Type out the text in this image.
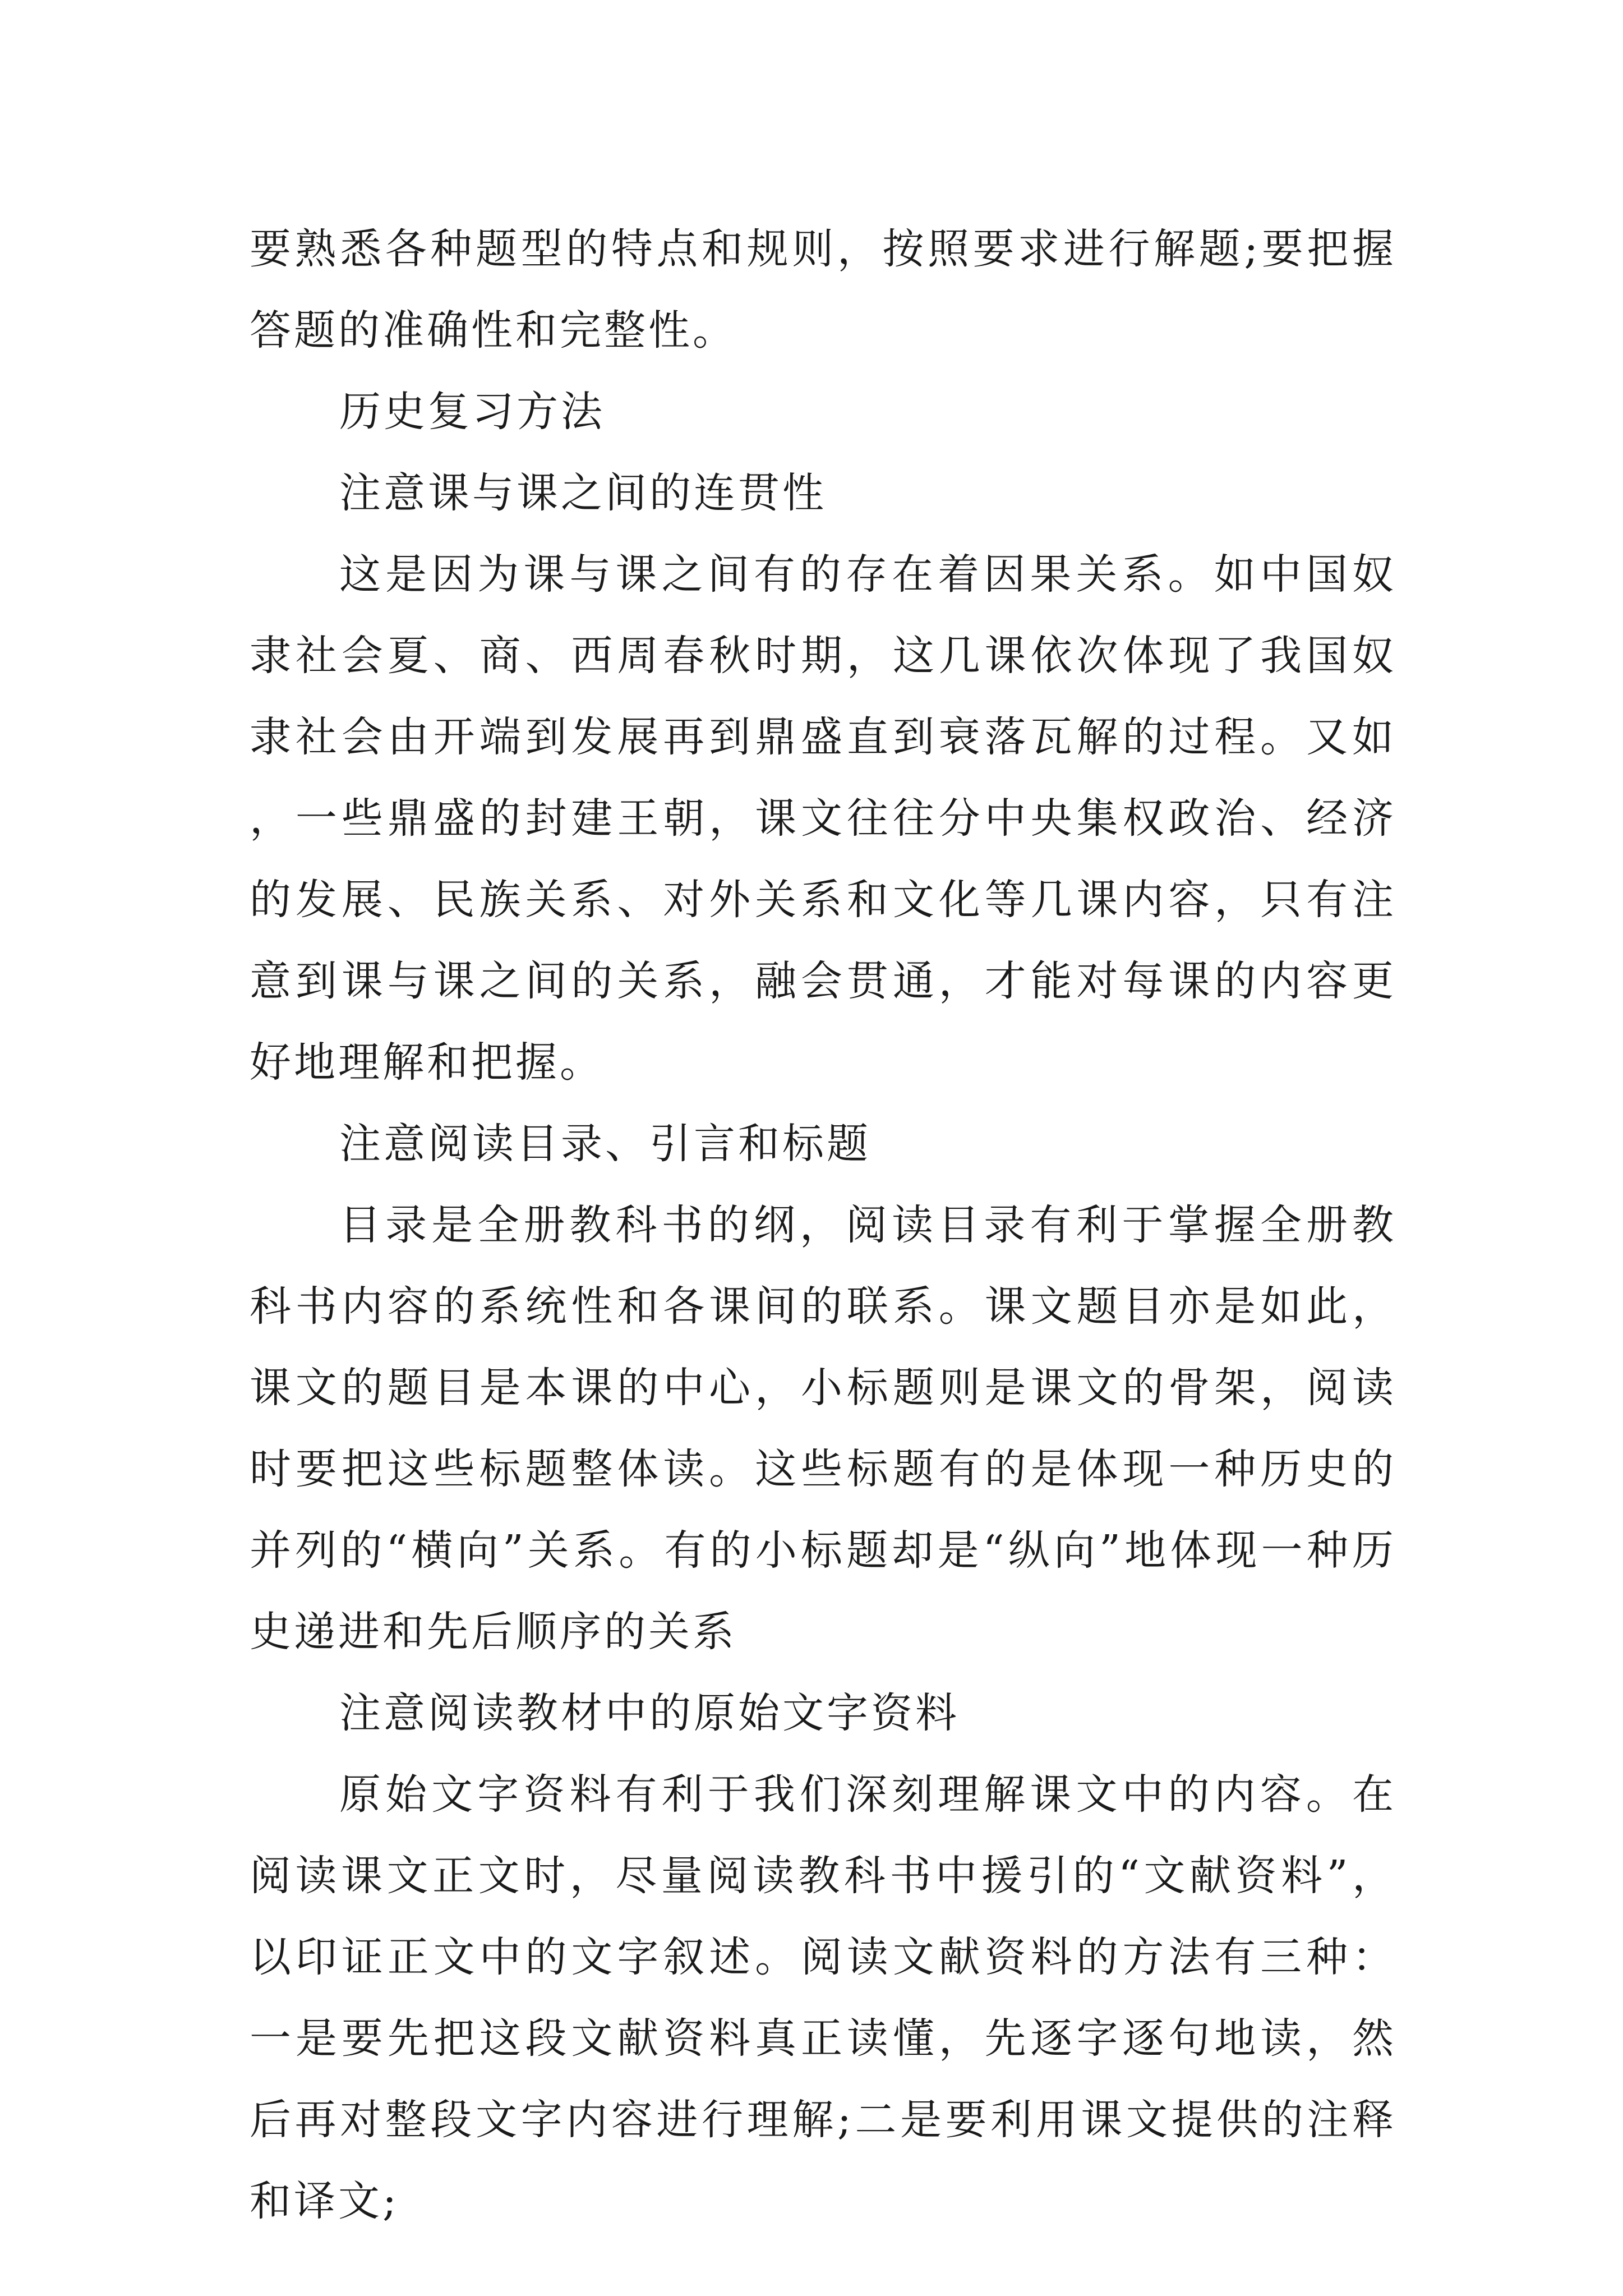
要熟悉各种题型的特点和规则，按照要求进行解题;要把握答题的准确性和完整性。

历史复习方法

注意课与课之间的连贯性

这是因为课与课之间有的存在着因果关系。如中国奴隶社会夏、商、西周春秋时期，这几课依次体现了我国奴隶社会由开端到发展再到鼎盛直到衰落瓦解的过程。又如，一些鼎盛的封建王朝，课文往往分中央集权政治、经济的发展、民族关系、对外关系和文化等几课内容，只有注意到课与课之间的关系，融会贯通，才能对每课的内容更好地理解和把握。

注意阅读目录、引言和标题

目录是全册教科书的纲，阅读目录有利于掌握全册教科书内容的系统性和各课间的联系。课文题目亦是如此，课文的题目是本课的中心，小标题则是课文的骨架，阅读时要把这些标题整体读。这些标题有的是体现一种历史的并列的“横向”关系。有的小标题却是“纵向”地体现一种历史递进和先后顺序的关系

注意阅读教材中的原始文字资料

原始文字资料有利于我们深刻理解课文中的内容。在阅读课文正文时，尽量阅读教科书中援引的“文献资料”，以印证正文中的文字叙述。阅读文献资料的方法有三种：一是要先把这段文献资料真正读懂，先逐字逐句地读，然后再对整段文字内容进行理解;二是要利用课文提供的注释和译文;
